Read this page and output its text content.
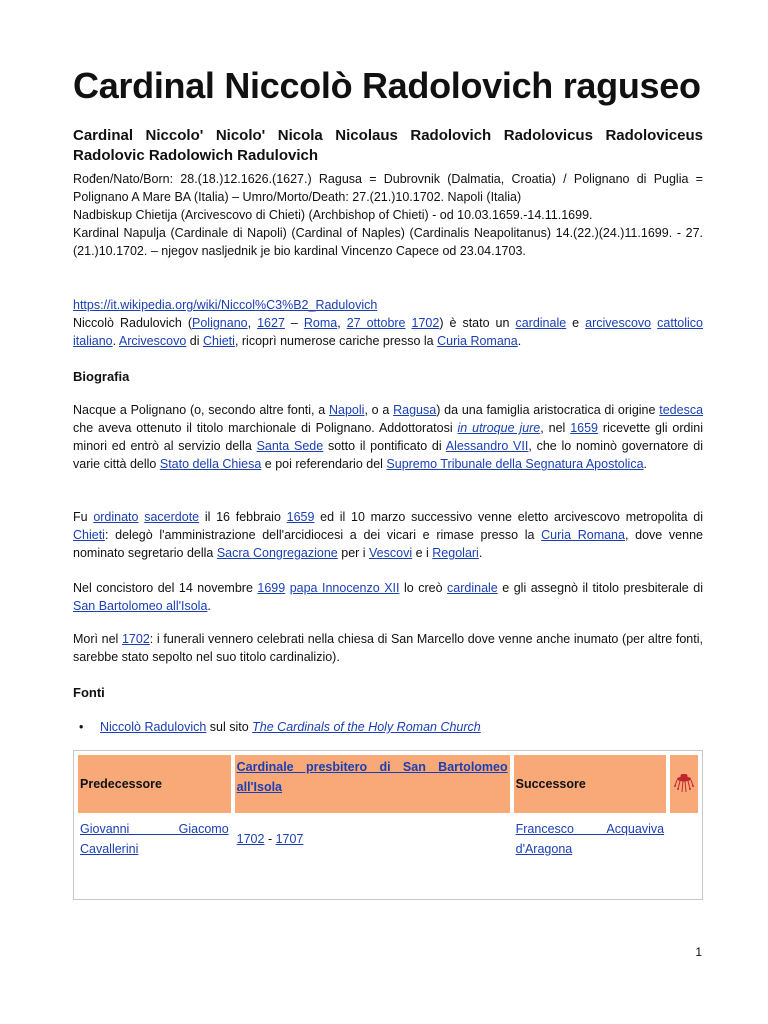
Cardinal Niccolò Radolovich raguseo

Cardinal Niccolo' Nicolo' Nicola Nicolaus Radolovich Radolovicus Radoloviceus Radolovic Radolowich Radulovich

Rođen/Nato/Born: 28.(18.)12.1626.(1627.) Ragusa = Dubrovnik (Dalmatia, Croatia) / Polignano di Puglia = Polignano A Mare BA (Italia) – Umro/Morto/Death: 27.(21.)10.1702. Napoli (Italia)

Nadbiskup Chietija (Arcivescovo di Chieti) (Archbishop of Chieti) - od 10.03.1659.-14.11.1699.

Kardinal Napulja (Cardinale di Napoli) (Cardinal of Naples) (Cardinalis Neapolitanus) 14.(22.)(24.)11.1699. - 27.(21.)10.1702. – njegov nasljednik je bio kardinal Vincenzo Capece od 23.04.1703.

https://it.wikipedia.org/wiki/Niccol%C3%B2_Radulovich

Niccolò Radulovich (Polignano, 1627 – Roma, 27 ottobre 1702) è stato un cardinale e arcivescovo cattolico italiano. Arcivescovo di Chieti, ricoprì numerose cariche presso la Curia Romana.

Biografia

Nacque a Polignano (o, secondo altre fonti, a Napoli, o a Ragusa) da una famiglia aristocratica di origine tedesca che aveva ottenuto il titolo marchionale di Polignano. Addottoratosi in utroque jure, nel 1659 ricevette gli ordini minori ed entrò al servizio della Santa Sede sotto il pontificato di Alessandro VII, che lo nominò governatore di varie città dello Stato della Chiesa e poi referendario del Supremo Tribunale della Segnatura Apostolica.

Fu ordinato sacerdote il 16 febbraio 1659 ed il 10 marzo successivo venne eletto arcivescovo metropolita di Chieti: delegò l'amministrazione dell'arcidiocesi a dei vicari e rimase presso la Curia Romana, dove venne nominato segretario della Sacra Congregazione per i Vescovi e i Regolari.

Nel concistoro del 14 novembre 1699 papa Innocenzo XII lo creò cardinale e gli assegnò il titolo presbiterale di San Bartolomeo all'Isola.

Morì nel 1702: i funerali vennero celebrati nella chiesa di San Marcello dove venne anche inumato (per altre fonti, sarebbe stato sepolto nel suo titolo cardinalizio).

Fonti

• Niccolò Radulovich sul sito The Cardinals of the Holy Roman Church
Predecessore	Cardinale presbitero di San Bartolomeo all'Isola	Successore	
Giovanni Giacomo Cavallerini	1702 - 1707	Francesco Acquaviva d'Aragona	

1
